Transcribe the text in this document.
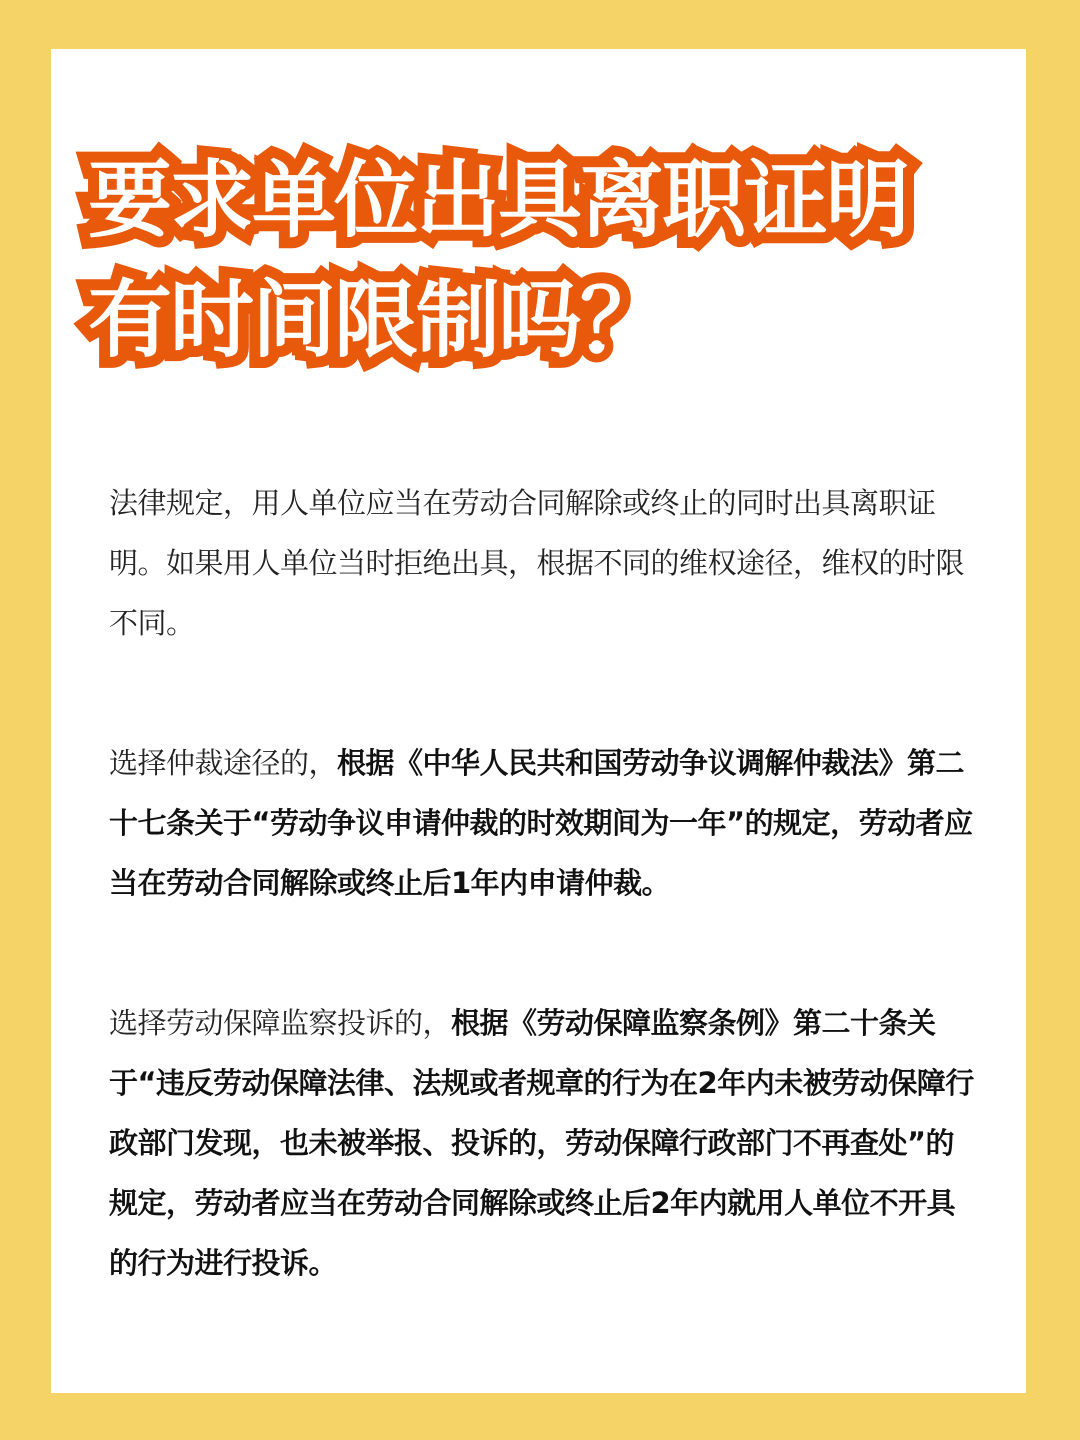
要求单位出具离职证明
有时间限制吗？
法律规定，用人单位应当在劳动合同解除或终止的同时出具离职证明。如果用人单位当时拒绝出具，根据不同的维权途径，维权的时限不同。
选择仲裁途径的，根据《中华人民共和国劳动争议调解仲裁法》第二十七条关于“劳动争议申请仲裁的时效期间为一年”的规定，劳动者应当在劳动合同解除或终止后1年内申请仲裁。
选择劳动保障监察投诉的，根据《劳动保障监察条例》第二十条关于“违反劳动保障法律、法规或者规章的行为在2年内未被劳动保障行政部门发现，也未被举报、投诉的，劳动保障行政部门不再查处”的规定，劳动者应当在劳动合同解除或终止后2年内就用人单位不开具的行为进行投诉。
